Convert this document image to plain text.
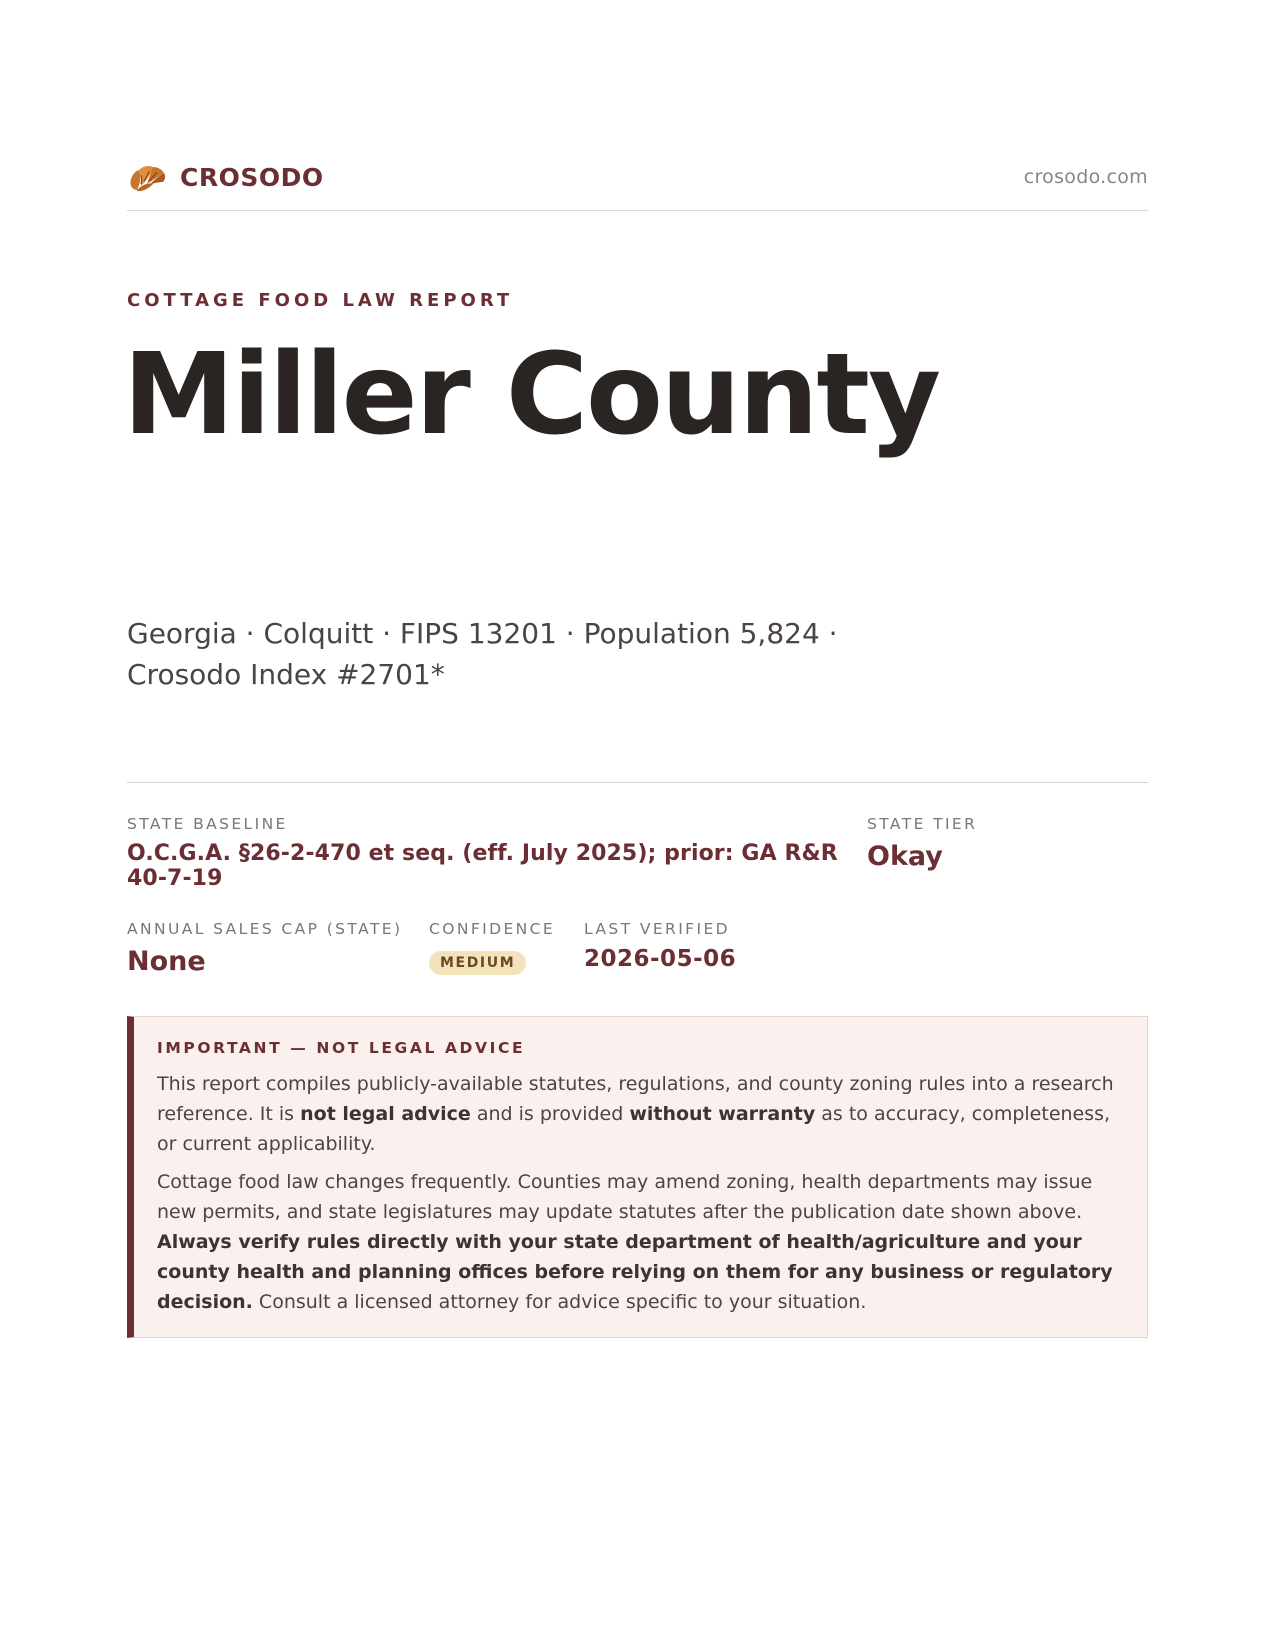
CROSODO	crosodo.com
COTTAGE FOOD LAW REPORT
Miller County
Georgia · Colquitt · FIPS 13201 · Population 5,824 · Crosodo Index #2701*
STATE BASELINE
O.C.G.A. §26-2-470 et seq. (eff. July 2025); prior: GA R&R 40-7-19
STATE TIER
Okay
ANNUAL SALES CAP (STATE)
None
CONFIDENCE
MEDIUM
LAST VERIFIED
2026-05-06
IMPORTANT — NOT LEGAL ADVICE

This report compiles publicly-available statutes, regulations, and county zoning rules into a research reference. It is not legal advice and is provided without warranty as to accuracy, completeness, or current applicability.

Cottage food law changes frequently. Counties may amend zoning, health departments may issue new permits, and state legislatures may update statutes after the publication date shown above. Always verify rules directly with your state department of health/agriculture and your county health and planning offices before relying on them for any business or regulatory decision. Consult a licensed attorney for advice specific to your situation.
